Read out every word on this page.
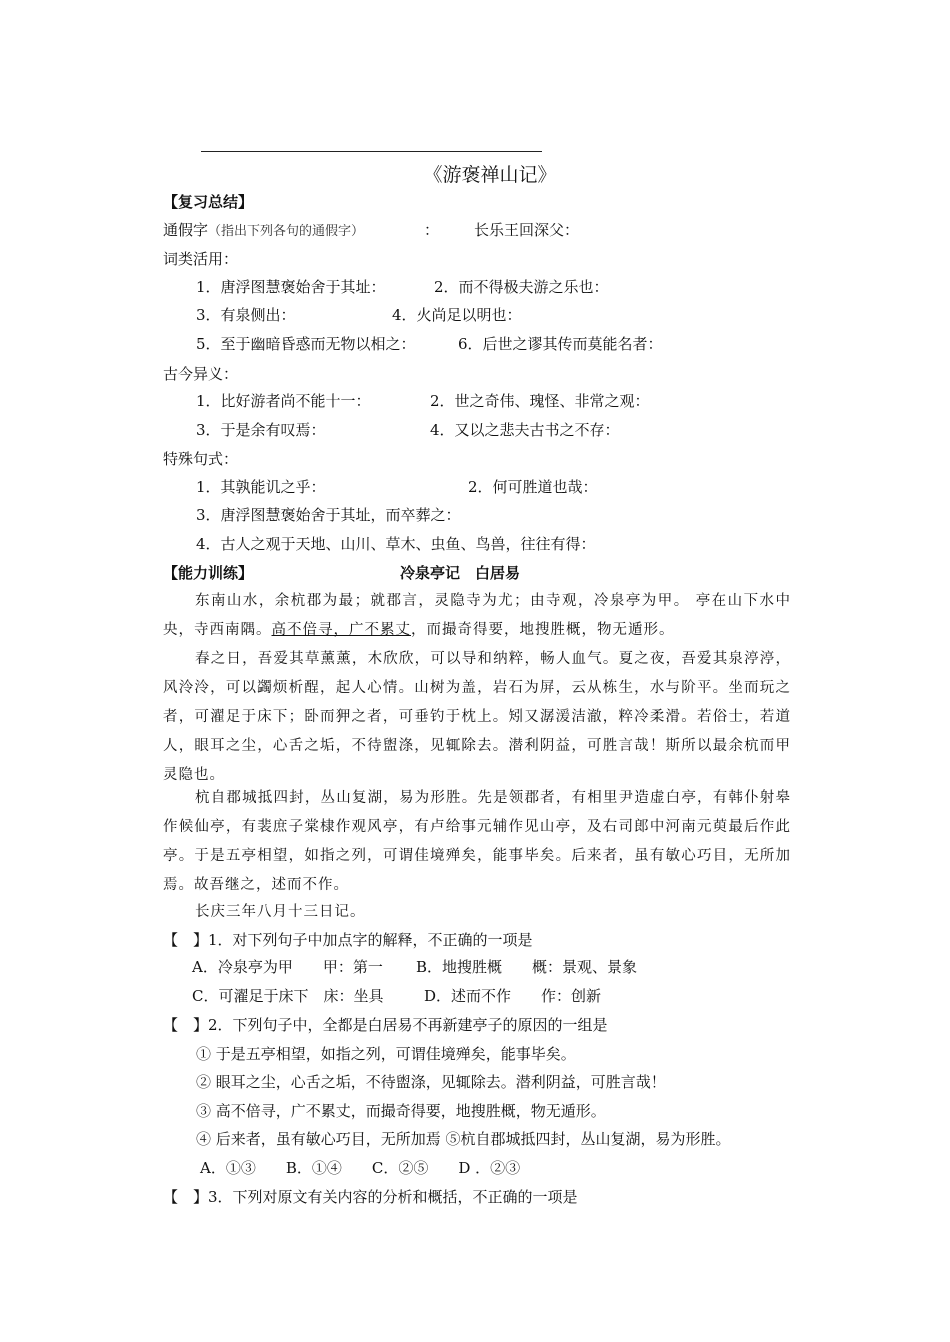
《游褒禅山记》
【复习总结】
通假字（指出下列各句的通假字）	： 长乐王回深父：
词类活用：
1．唐浮图慧褒始舍于其址：	2．而不得极夫游之乐也：
3．有泉侧出：	4．火尚足以明也：
5．至于幽暗昏惑而无物以相之：	6．后世之谬其传而莫能名者：
古今异义：
1．比好游者尚不能十一：	2．世之奇伟、瑰怪、非常之观：
3．于是余有叹焉：	4．又以之悲夫古书之不存：
特殊句式：
1．其孰能讥之乎：	2．何可胜道也哉：
3．唐浮图慧褒始舍于其址，而卒葬之：
4．古人之观于天地、山川、草木、虫鱼、鸟兽，往往有得：
【能力训练】	冷泉亭记　白居易
东南山水，余杭郡为最；就郡言，灵隐寺为尤；由寺观，冷泉亭为甲。 亭在山下水中央，寺西南隅。高不倍寻，广不累丈，而撮奇得要，地搜胜概，物无遁形。
春之日，吾爱其草薰薰，木欣欣，可以导和纳粹，畅人血气。夏之夜，吾爱其泉渟渟，风泠泠，可以蠲烦析酲，起人心情。山树为盖，岩石为屏，云从栋生，水与阶平。坐而玩之者，可濯足于床下；卧而狎之者，可垂钓于枕上。矧又潺湲洁澈，粹冷柔滑。若俗士，若道人，眼耳之尘，心舌之垢，不待盥涤，见辄除去。潜利阴益，可胜言哉！斯所以最余杭而甲灵隐也。
杭自郡城抵四封，丛山复湖，易为形胜。先是领郡者，有相里尹造虚白亭，有韩仆射皋作候仙亭，有裴庶子棠棣作观风亭，有卢给事元辅作见山亭，及右司郎中河南元萸最后作此亭。于是五亭相望，如指之列，可谓佳境殚矣，能事毕矣。后来者，虽有敏心巧目，无所加焉。故吾继之，述而不作。
长庆三年八月十三日记。
【　】1．对下列句子中加点字的解释，不正确的一项是
A．冷泉亭为甲　　甲：第一 B．地搜胜概　　概：景观、景象
C．可濯足于床下　床：坐具	D．述而不作　　作：创新
【　】2．下列句子中，全都是白居易不再新建亭子的原因的一组是
① 于是五亭相望，如指之列，可谓佳境殚矣，能事毕矣。
② 眼耳之尘，心舌之垢，不待盥涤，见辄除去。潜利阴益，可胜言哉！
③ 高不倍寻，广不累丈，而撮奇得要，地搜胜概，物无遁形。
④ 后来者，虽有敏心巧目，无所加焉 ⑤杭自郡城抵四封，丛山复湖，易为形胜。
A．①③　　B．①④　　C．②⑤　　D ．②③
【　】3．下列对原文有关内容的分析和概括，不正确的一项是
